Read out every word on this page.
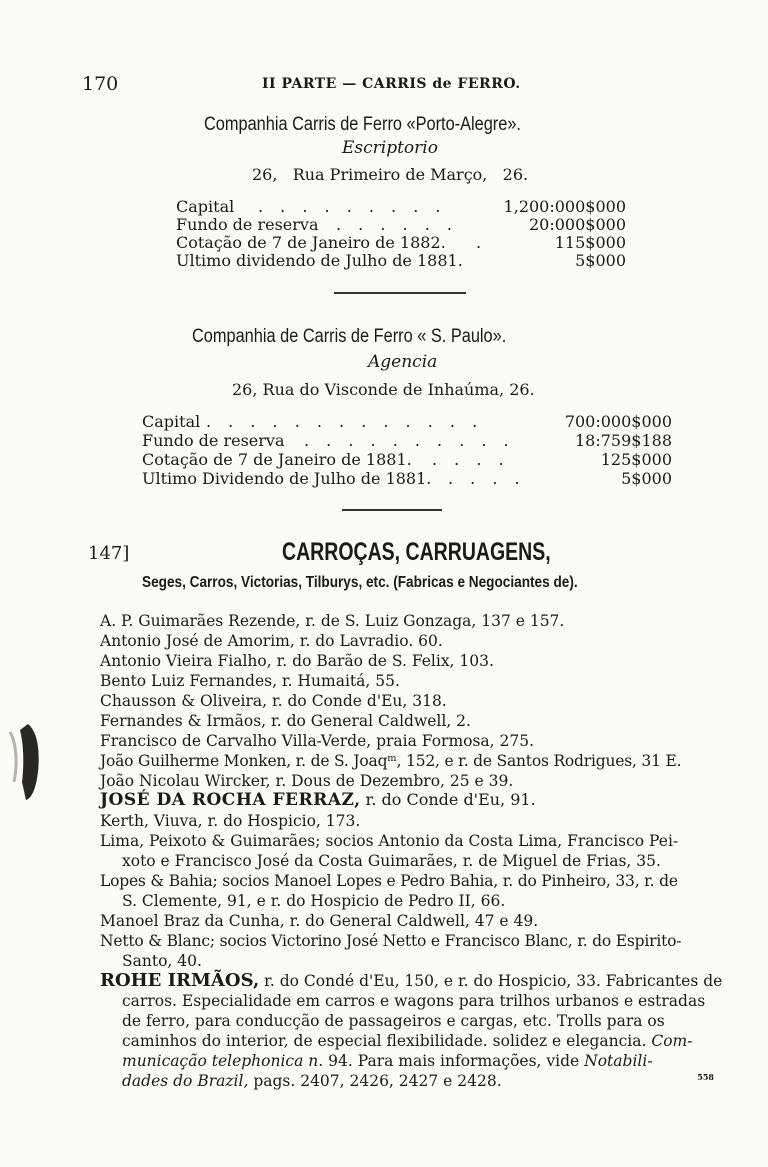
170	II PARTE — CARRIS de FERRO.
Companhia Carris de Ferro «Porto-Alegre».
Escriptorio
26,   Rua Primeiro de Março,   26.
Capital . . . . . . . . .	1,200:000$000
Fundo de reserva . . . . . .	20:000$000
Cotação de 7 de Janeiro de 1882. .	115$000
Ultimo dividendo de Julho de 1881.	5$000
Companhia de Carris de Ferro « S. Paulo».
Agencia
26, Rua do Visconde de Inhaúma, 26.
Capital . . . . . . . . . . . . .	700:000$000
Fundo de reserva . . . . . . . . . .	18:759$188
Cotação de 7 de Janeiro de 1881. . . . .	125$000
Ultimo Dividendo de Julho de 1881. . . . .	5$000
147]	CARROÇAS, CARRUAGENS,
Seges, Carros, Victorias, Tilburys, etc. (Fabricas e Negociantes de).
A. P. Guimarães Rezende, r. de S. Luiz Gonzaga, 137 e 157.
Antonio José de Amorim, r. do Lavradio. 60.
Antonio Vieira Fialho, r. do Barão de S. Felix, 103.
Bento Luiz Fernandes, r. Humaitá, 55.
Chausson & Oliveira, r. do Conde d'Eu, 318.
Fernandes & Irmãos, r. do General Caldwell, 2.
Francisco de Carvalho Villa-Verde, praia Formosa, 275.
João Guilherme Monken, r. de S. Joaqᵐ, 152, e r. de Santos Rodrigues, 31 E.
João Nicolau Wircker, r. Dous de Dezembro, 25 e 39.
JOSÉ DA ROCHA FERRAZ, r. do Conde d'Eu, 91.
Kerth, Viuva, r. do Hospicio, 173.
Lima, Peixoto & Guimarães; socios Antonio da Costa Lima, Francisco Pei-
xoto e Francisco José da Costa Guimarães, r. de Miguel de Frias, 35.
Lopes & Bahia; socios Manoel Lopes e Pedro Bahia, r. do Pinheiro, 33, r. de
S. Clemente, 91, e r. do Hospicio de Pedro II, 66.
Manoel Braz da Cunha, r. do General Caldwell, 47 e 49.
Netto & Blanc; socios Victorino José Netto e Francisco Blanc, r. do Espirito-
Santo, 40.
ROHE IRMÃOS, r. do Condé d'Eu, 150, e r. do Hospicio, 33. Fabricantes de
carros. Especialidade em carros e wagons para trilhos urbanos e estradas
de ferro, para conducção de passageiros e cargas, etc. Trolls para os
caminhos do interior, de especial flexibilidade. solidez e elegancia. Com-
municação telephonica n. 94. Para mais informações, vide Notabili-
dades do Brazil, pags. 2407, 2426, 2427 e 2428.	558
